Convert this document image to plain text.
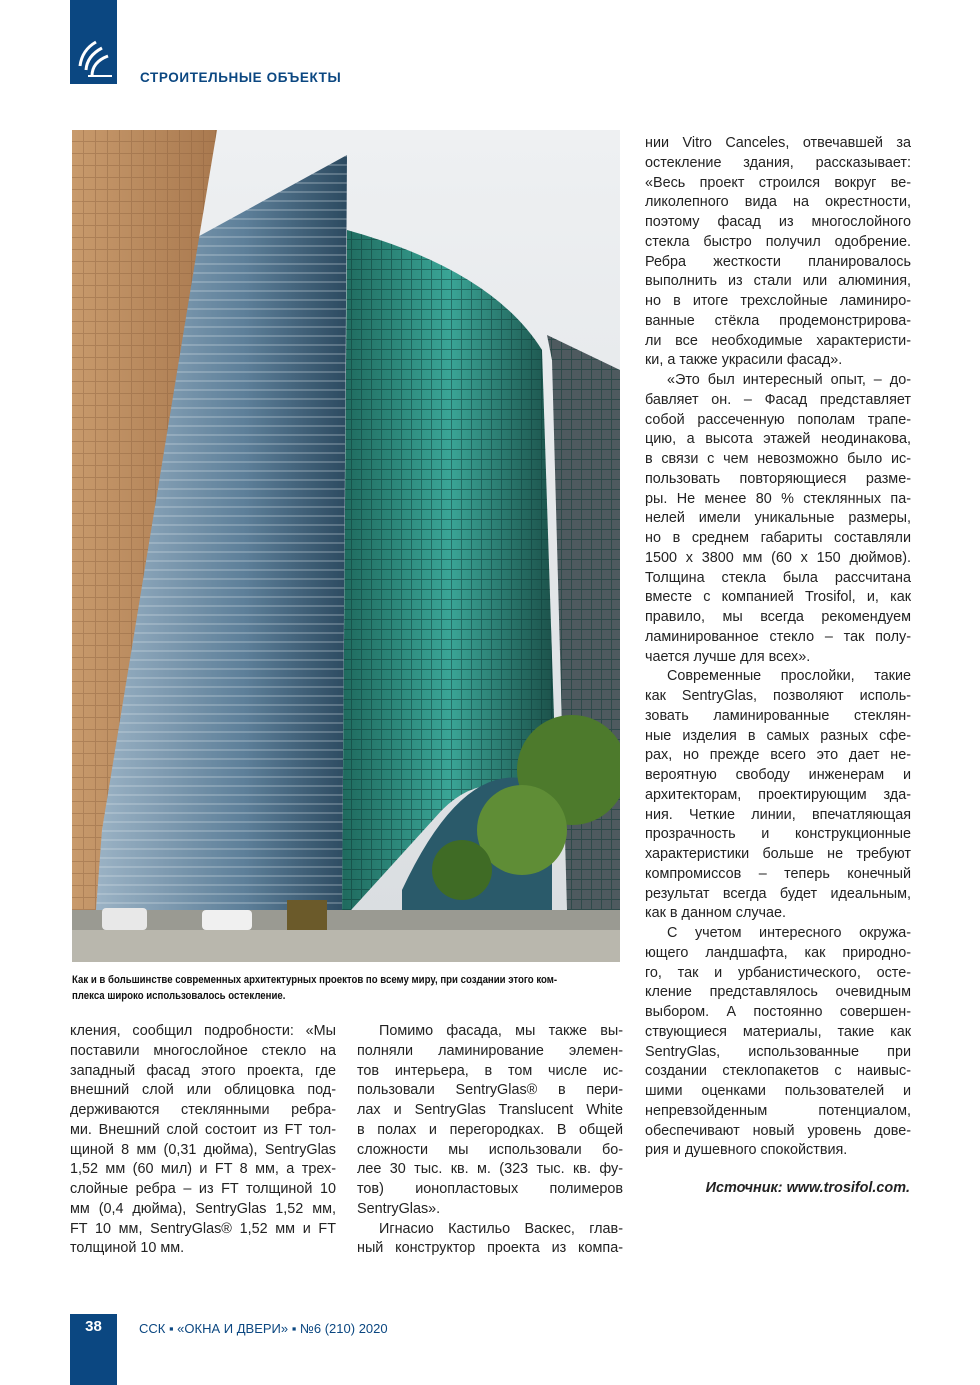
СТРОИТЕЛЬНЫЕ ОБЪЕКТЫ
Как и в большинстве современных архитектурных проектов по всему миру, при создании этого ком-
плекса широко использовалось остекление.
кления, сообщил подробности: «Мы
поставили многослойное стекло на
западный фасад этого проекта, где
внешний слой или облицовка под-
держиваются стеклянными ребра-
ми. Внешний слой состоит из FT тол-
щиной 8 мм (0,31 дюйма), SentryGlas
1,52 мм (60 мил) и FT 8 мм, а трех-
слойные ребра – из FT толщиной 10
мм (0,4 дюйма), SentryGlas 1,52 мм,
FT 10 мм, SentryGlas® 1,52 мм и FT
толщиной 10 мм.
Помимо фасада, мы также вы-
полняли ламинирование элемен-
тов интерьера, в том числе ис-
пользовали SentryGlas® в пери-
лах и SentryGlas Translucent White
в полах и перегородках. В общей
сложности мы использовали бо-
лее 30 тыс. кв. м. (323 тыс. кв. фу-
тов) ионопластовых полимеров
SentryGlas».
Игнасио Кастильо Васкес, глав-
ный конструктор проекта из компа-
нии Vitro Canceles, отвечавшей за
остекление здания, рассказывает:
«Весь проект строился вокруг ве-
ликолепного вида на окрестности,
поэтому фасад из многослойного
стекла быстро получил одобрение.
Ребра жесткости планировалось
выполнить из стали или алюминия,
но в итоге трехслойные ламиниро-
ванные стёкла продемонстрирова-
ли все необходимые характеристи-
ки, а также украсили фасад».
«Это был интересный опыт, – до-
бавляет он. – Фасад представляет
собой рассеченную пополам трапе-
цию, а высота этажей неодинакова,
в связи с чем невозможно было ис-
пользовать повторяющиеся разме-
ры. Не менее 80 % стеклянных па-
нелей имели уникальные размеры,
но в среднем габариты составляли
1500 x 3800 мм (60 x 150 дюймов).
Толщина стекла была рассчитана
вместе с компанией Trosifol, и, как
правило, мы всегда рекомендуем
ламинированное стекло – так полу-
чается лучше для всех».
Современные прослойки, такие
как SentryGlas, позволяют исполь-
зовать ламинированные стеклян-
ные изделия в самых разных сфе-
рах, но прежде всего это дает не-
вероятную свободу инженерам и
архитекторам, проектирующим зда-
ния. Четкие линии, впечатляющая
прозрачность и конструкционные
характеристики больше не требуют
компромиссов – теперь конечный
результат всегда будет идеальным,
как в данном случае.
С учетом интересного окружа-
ющего ландшафта, как природно-
го, так и урбанистического, осте-
кление представлялось очевидным
выбором. А постоянно совершен-
ствующиеся материалы, такие как
SentryGlas, использованные при
создании стеклопакетов с наивыс-
шими оценками пользователей и
непревзойденным потенциалом,
обеспечивают новый уровень дове-
рия и душевного спокойствия.
Источник: www.trosifol.com.
38	ССК ▪ «ОКНА И ДВЕРИ» ▪ №6 (210) 2020
